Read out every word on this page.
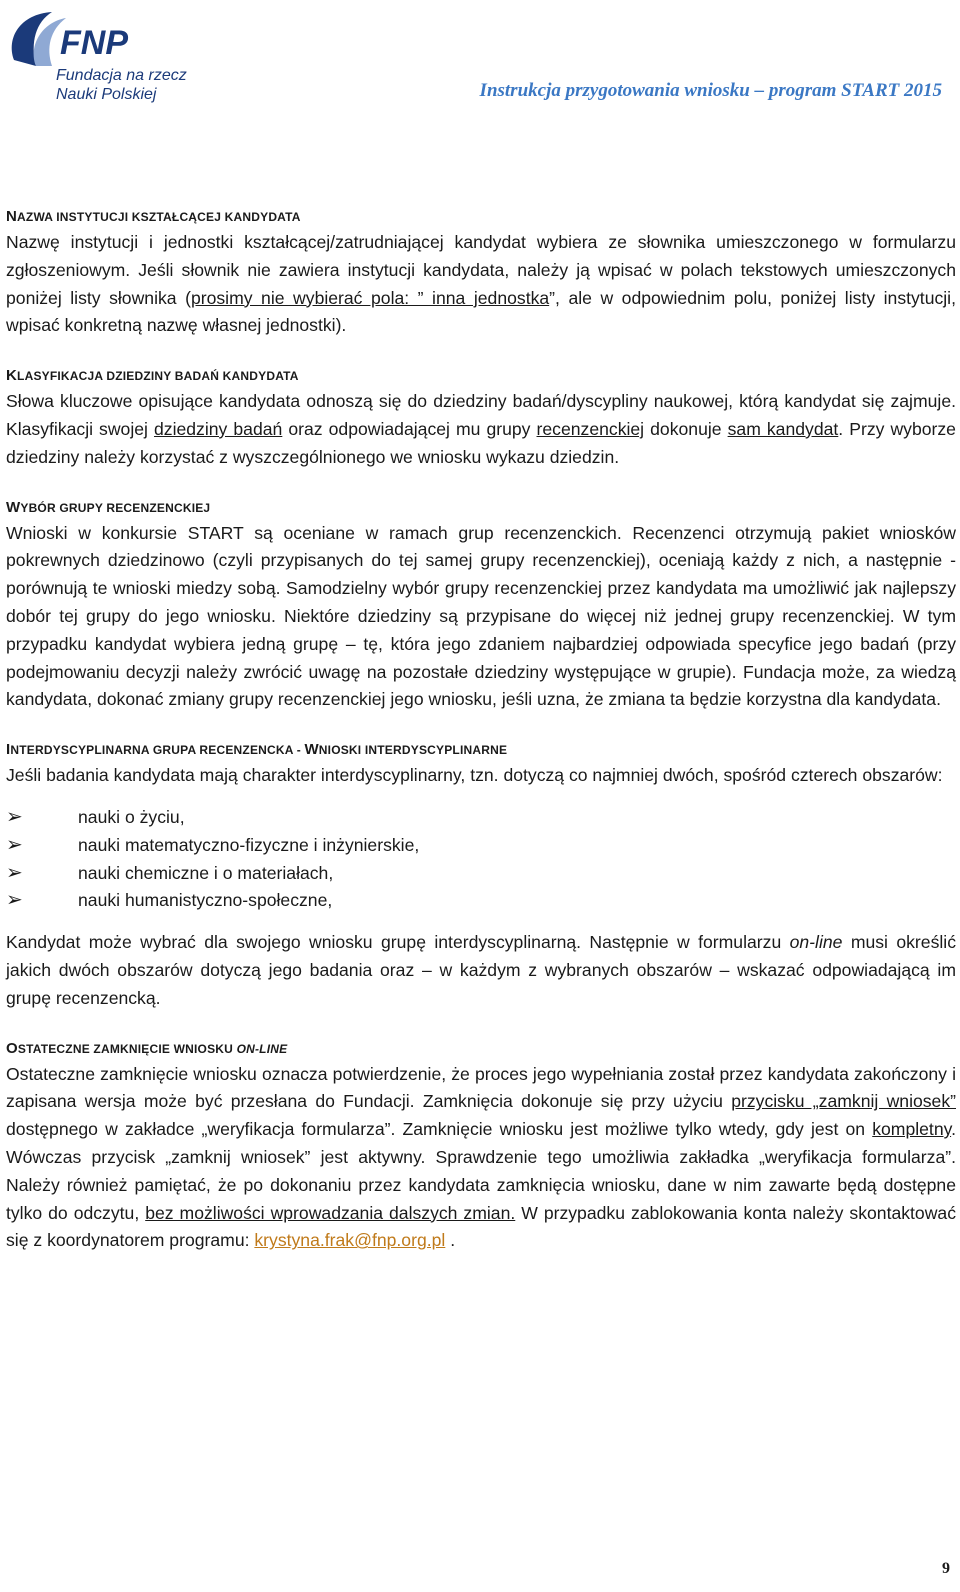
FNP
Fundacja na rzecz
Nauki Polskiej	Instrukcja przygotowania wniosku – program START 2015
NAZWA INSTYTUCJI KSZTAŁCĄCEJ KANDYDATA

Nazwę instytucji i jednostki kształcącej/zatrudniającej kandydat wybiera ze słownika umieszczonego w formularzu zgłoszeniowym. Jeśli słownik nie zawiera instytucji kandydata, należy ją wpisać w polach tekstowych umieszczonych poniżej listy słownika (prosimy nie wybierać pola: ” inna jednostka”, ale w odpowiednim polu, poniżej listy instytucji, wpisać konkretną nazwę własnej jednostki).

KLASYFIKACJA DZIEDZINY BADAŃ KANDYDATA

Słowa kluczowe opisujące kandydata odnoszą się do dziedziny badań/dyscypliny naukowej, którą kandydat się zajmuje. Klasyfikacji swojej dziedziny badań oraz odpowiadającej mu grupy recenzenckiej dokonuje sam kandydat. Przy wyborze dziedziny należy korzystać z wyszczególnionego we wniosku wykazu dziedzin.

WYBÓR GRUPY RECENZENCKIEJ

Wnioski w konkursie START są oceniane w ramach grup recenzenckich. Recenzenci otrzymują pakiet wniosków pokrewnych dziedzinowo (czyli przypisanych do tej samej grupy recenzenckiej), oceniają każdy z nich, a następnie - porównują te wnioski miedzy sobą. Samodzielny wybór grupy recenzenckiej przez kandydata ma umożliwić jak najlepszy dobór tej grupy do jego wniosku. Niektóre dziedziny są przypisane do więcej niż jednej grupy recenzenckiej. W tym przypadku kandydat wybiera jedną grupę – tę, która jego zdaniem najbardziej odpowiada specyfice jego badań (przy podejmowaniu decyzji należy zwrócić uwagę na pozostałe dziedziny występujące w grupie). Fundacja może, za wiedzą kandydata, dokonać zmiany grupy recenzenckiej jego wniosku, jeśli uzna, że zmiana ta będzie korzystna dla kandydata.

INTERDYSCYPLINARNA GRUPA RECENZENCKA - WNIOSKI INTERDYSCYPLINARNE

Jeśli badania kandydata mają charakter interdyscyplinarny, tzn. dotyczą co najmniej dwóch, spośród czterech obszarów:

➢	nauki o życiu,
➢	nauki matematyczno-fizyczne i inżynierskie,
➢	nauki chemiczne i o materiałach,
➢	nauki humanistyczno-społeczne,

Kandydat może wybrać dla swojego wniosku grupę interdyscyplinarną. Następnie w formularzu on-line musi określić jakich dwóch obszarów dotyczą jego badania oraz – w każdym z wybranych obszarów – wskazać odpowiadającą im grupę recenzencką.

OSTATECZNE ZAMKNIĘCIE WNIOSKU ON-LINE

Ostateczne zamknięcie wniosku oznacza potwierdzenie, że proces jego wypełniania został przez kandydata zakończony i zapisana wersja może być przesłana do Fundacji. Zamknięcia dokonuje się przy użyciu przycisku „zamknij wniosek” dostępnego w zakładce „weryfikacja formularza”. Zamknięcie wniosku jest możliwe tylko wtedy, gdy jest on kompletny. Wówczas przycisk „zamknij wniosek” jest aktywny. Sprawdzenie tego umożliwia zakładka „weryfikacja formularza”. Należy również pamiętać, że po dokonaniu przez kandydata zamknięcia wniosku, dane w nim zawarte będą dostępne tylko do odczytu, bez możliwości wprowadzania dalszych zmian. W przypadku zablokowania konta należy skontaktować się z koordynatorem programu: krystyna.frak@fnp.org.pl .

9
